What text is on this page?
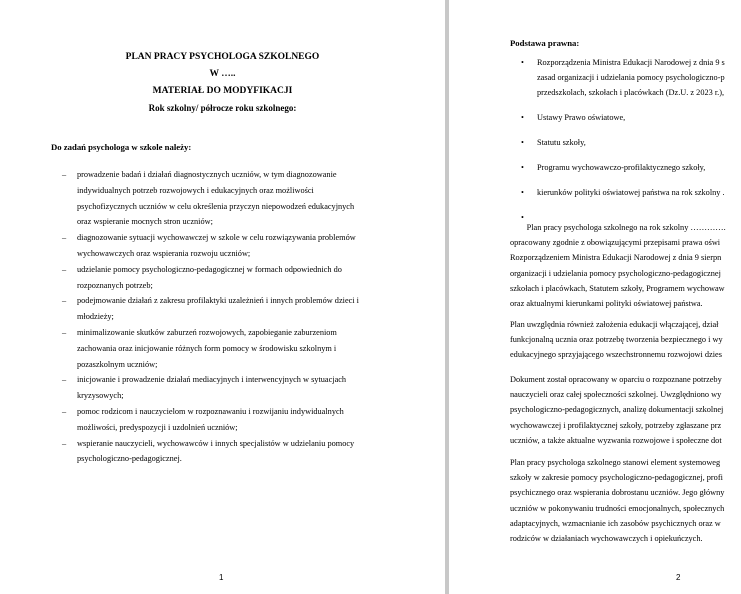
PLAN PRACY PSYCHOLOGA SZKOLNEGO
W …..
MATERIAŁ DO MODYFIKACJI
Rok szkolny/ półrocze roku szkolnego:
Do zadań psychologa w szkole należy:
– prowadzenie badań i działań diagnostycznych uczniów, w tym diagnozowanie
indywidualnych potrzeb rozwojowych i edukacyjnych oraz możliwości
psychofizycznych uczniów w celu określenia przyczyn niepowodzeń edukacyjnych
oraz wspieranie mocnych stron uczniów;
– diagnozowanie sytuacji wychowawczej w szkole w celu rozwiązywania problemów
wychowawczych oraz wspierania rozwoju uczniów;
– udzielanie pomocy psychologiczno-pedagogicznej w formach odpowiednich do
rozpoznanych potrzeb;
– podejmowanie działań z zakresu profilaktyki uzależnień i innych problemów dzieci i
młodzieży;
– minimalizowanie skutków zaburzeń rozwojowych, zapobieganie zaburzeniom
zachowania oraz inicjowanie różnych form pomocy w środowisku szkolnym i
pozaszkolnym uczniów;
– inicjowanie i prowadzenie działań mediacyjnych i interwencyjnych w sytuacjach
kryzysowych;
– pomoc rodzicom i nauczycielom w rozpoznawaniu i rozwijaniu indywidualnych
możliwości, predyspozycji i uzdolnień uczniów;
– wspieranie nauczycieli, wychowawców i innych specjalistów w udzielaniu pomocy
psychologiczno-pedagogicznej.
1
Podstawa prawna:
• Rozporządzenia Ministra Edukacji Narodowej z dnia 9 s
zasad organizacji i udzielania pomocy psychologiczno-p
przedszkolach, szkołach i placówkach (Dz.U. z 2023 r.),
• Ustawy Prawo oświatowe,
• Statutu szkoły,
• Programu wychowawczo-profilaktycznego szkoły,
• kierunków polityki oświatowej państwa na rok szkolny .
•

Plan pracy psychologa szkolnego na rok szkolny ………….
opracowany zgodnie z obowiązującymi przepisami prawa oświ
Rozporządzeniem Ministra Edukacji Narodowej z dnia 9 sierpn
organizacji i udzielania pomocy psychologiczno-pedagogicznej
szkołach i placówkach, Statutem szkoły, Programem wychowaw
oraz aktualnymi kierunkami polityki oświatowej państwa.
Plan uwzględnia również założenia edukacji włączającej, dział
funkcjonalną ucznia oraz potrzebę tworzenia bezpiecznego i wy
edukacyjnego sprzyjającego wszechstronnemu rozwojowi dzies
Dokument został opracowany w oparciu o rozpoznane potrzeby
nauczycieli oraz całej społeczności szkolnej. Uwzględniono wy
psychologiczno-pedagogicznych, analizę dokumentacji szkolnej
wychowawczej i profilaktycznej szkoły, potrzeby zgłaszane prz
uczniów, a także aktualne wyzwania rozwojowe i społeczne dot
Plan pracy psychologa szkolnego stanowi element systemoweg
szkoły w zakresie pomocy psychologiczno-pedagogicznej, profi
psychicznego oraz wspierania dobrostanu uczniów. Jego główny
uczniów w pokonywaniu trudności emocjonalnych, społecznych
adaptacyjnych, wzmacnianie ich zasobów psychicznych oraz w
rodziców w działaniach wychowawczych i opiekuńczych.
2
